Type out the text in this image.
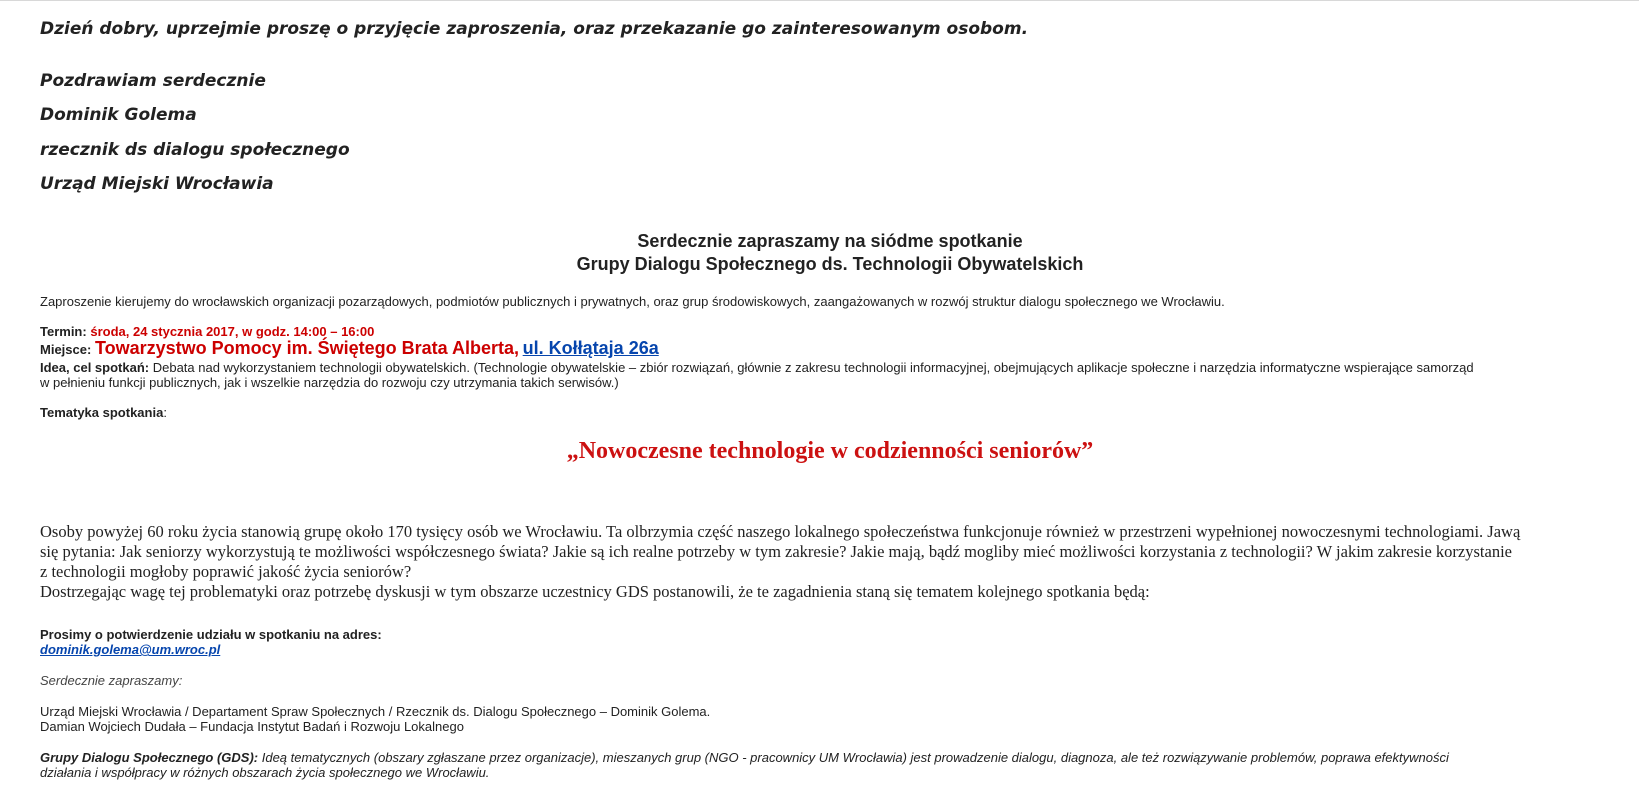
Dzień dobry, uprzejmie proszę o przyjęcie zaproszenia, oraz przekazanie go zainteresowanym osobom.
Pozdrawiam serdecznie
Dominik Golema
rzecznik ds dialogu społecznego
Urząd Miejski Wrocławia
Serdecznie zapraszamy na siódme spotkanie
Grupy Dialogu Społecznego ds. Technologii Obywatelskich
Zaproszenie kierujemy do wrocławskich organizacji pozarządowych, podmiotów publicznych i prywatnych, oraz grup środowiskowych, zaangażowanych w rozwój struktur dialogu społecznego we Wrocławiu.
Termin: środa, 24 stycznia 2017, w godz. 14:00 – 16:00
Miejsce: Towarzystwo Pomocy im. Świętego Brata Alberta, ul. Kołłątaja 26a
Idea, cel spotkań: Debata nad wykorzystaniem technologii obywatelskich. (Technologie obywatelskie – zbiór rozwiązań, głównie z zakresu technologii informacyjnej, obejmujących aplikacje społeczne i narzędzia informatyczne wspierające samorząd
w pełnieniu funkcji publicznych, jak i wszelkie narzędzia do rozwoju czy utrzymania takich serwisów.)
Tematyka spotkania:
„Nowoczesne technologie w codzienności seniorów”
Osoby powyżej 60 roku życia stanowią grupę około 170 tysięcy osób we Wrocławiu. Ta olbrzymia część naszego lokalnego społeczeństwa funkcjonuje również w przestrzeni wypełnionej nowoczesnymi technologiami. Jawą
się pytania: Jak seniorzy wykorzystują te możliwości współczesnego świata? Jakie są ich realne potrzeby w tym zakresie? Jakie mają, bądź mogliby mieć możliwości korzystania z technologii? W jakim zakresie korzystanie
z technologii mogłoby poprawić jakość życia seniorów?
Dostrzegając wagę tej problematyki oraz potrzebę dyskusji w tym obszarze uczestnicy GDS postanowili, że te zagadnienia staną się tematem kolejnego spotkania będą:
Prosimy o potwierdzenie udziału w spotkaniu na adres:
dominik.golema@um.wroc.pl
Serdecznie zapraszamy:
Urząd Miejski Wrocławia / Departament Spraw Społecznych / Rzecznik ds. Dialogu Społecznego – Dominik Golema.
Damian Wojciech Dudała – Fundacja Instytut Badań i Rozwoju Lokalnego
Grupy Dialogu Społecznego (GDS): Ideą tematycznych (obszary zgłaszane przez organizacje), mieszanych grup (NGO - pracownicy UM Wrocławia) jest prowadzenie dialogu, diagnoza, ale też rozwiązywanie problemów, poprawa efektywności
działania i współpracy w różnych obszarach życia społecznego we Wrocławiu.
